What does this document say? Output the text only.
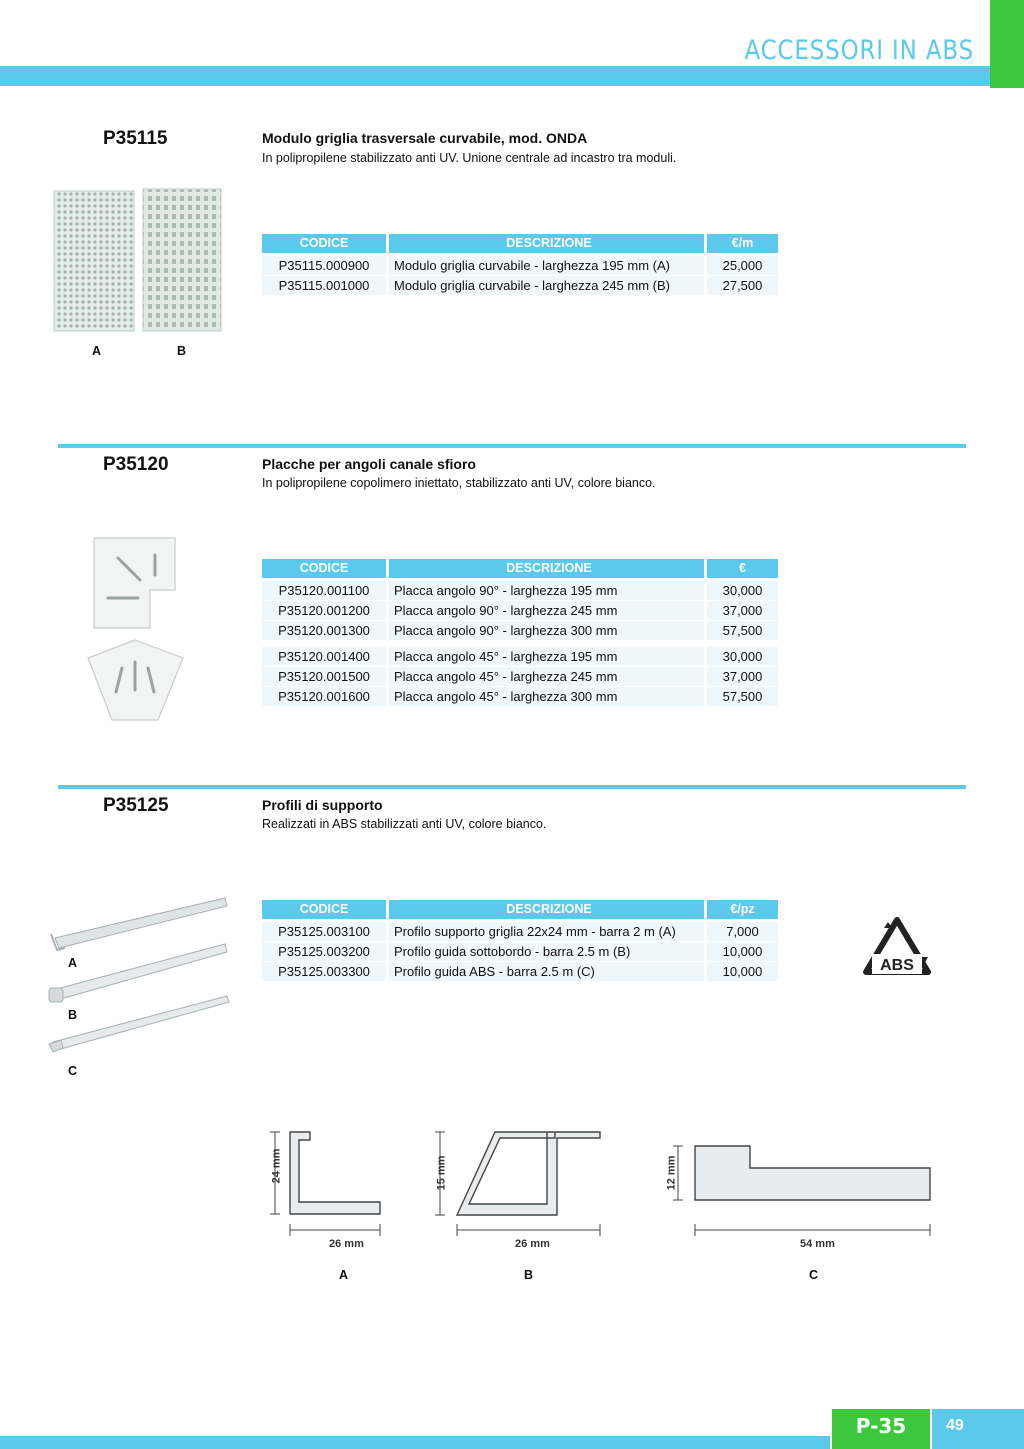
ACCESSORI IN ABS
P35115	Modulo griglia trasversale curvabile, mod. ONDA
In polipropilene stabilizzato anti UV. Unione centrale ad incastro tra moduli.
A	B
CODICE	DESCRIZIONE	€/m
P35115.000900	Modulo griglia curvabile - larghezza 195 mm (A)	25,000
P35115.001000	Modulo griglia curvabile - larghezza 245 mm (B)	27,500
P35120	Placche per angoli canale sfioro
In polipropilene copolimero iniettato, stabilizzato anti UV, colore bianco.
CODICE	DESCRIZIONE	€
P35120.001100	Placca angolo 90° - larghezza 195 mm	30,000
P35120.001200	Placca angolo 90° - larghezza 245 mm	37,000
P35120.001300	Placca angolo 90° - larghezza 300 mm	57,500
P35120.001400	Placca angolo 45° - larghezza 195 mm	30,000
P35120.001500	Placca angolo 45° - larghezza 245 mm	37,000
P35120.001600	Placca angolo 45° - larghezza 300 mm	57,500
P35125	Profili di supporto
Realizzati in ABS stabilizzati anti UV, colore bianco.
A
B
C
CODICE	DESCRIZIONE	€/pz
P35125.003100	Profilo supporto griglia 22x24 mm - barra 2 m (A)	7,000
P35125.003200	Profilo guida sottobordo - barra 2.5 m (B)	10,000
P35125.003300	Profilo guida ABS - barra 2.5 m (C)	10,000	ABS
24 mm
26 mm
15 mm
26 mm
12 mm
54 mm
A	B	C
P-35	49
